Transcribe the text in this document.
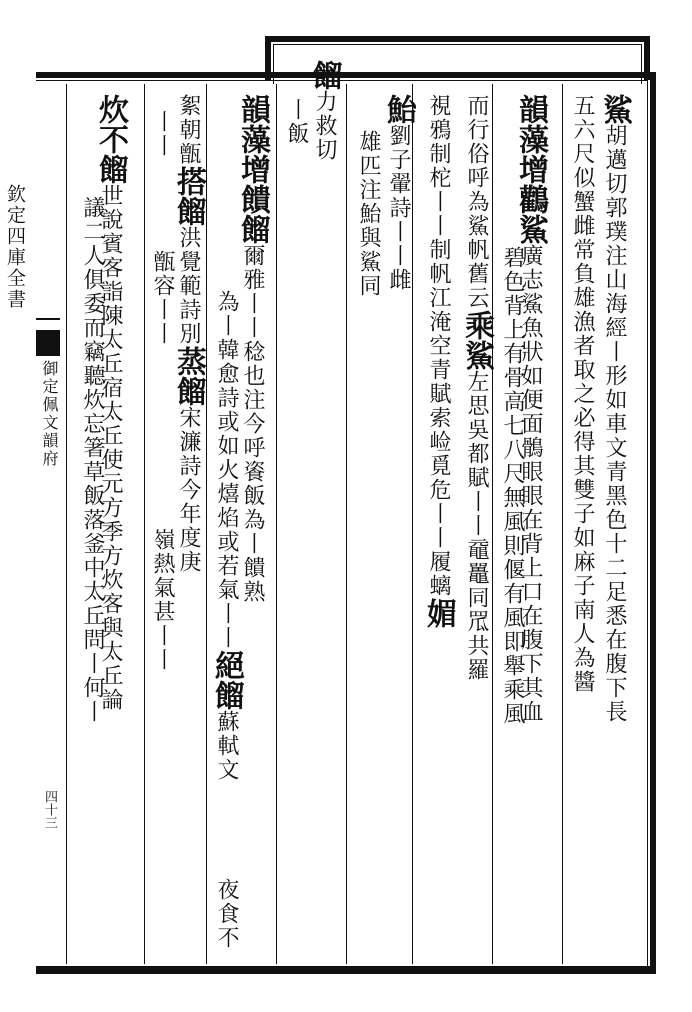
欽定四庫全書
御定佩文韻府
四十三
鯊胡邁切郭璞注山海經丨形如車文青黑色十二足悉在腹下長
五六尺似蟹雌常負雄漁者取之必得其雙子如麻子南人為醬
韻藻增鸛鯊廣志鯊魚狀如便面鶻眼眼在背上口在腹下其血
碧色背上有骨高七八尺無風則偃有風即舉乘風
而行俗呼為鯊帆舊云乘鯊左思吳都賦丨丨黿鼉同罛共羅
視鴉制柁丨丨制帆江淹空青賦索崄覓危丨丨履螭媚
鮐劉子翬詩丨丨雌
雄匹注鮐與鯊同
餾力救切
丨飯
韻藻增饋餾爾雅丨丨稔也注今呼餈飯為丨饋熟
為丨韓愈詩或如火熺焰或若氣丨丨絕餾蘇軾文
夜食不
絮朝甑搭餾洪覺範詩別蒸餾宋濂詩今年度庚
丨丨
甑容丨丨
嶺熱氣甚丨丨
炊不餾世說賓客詣陳太丘宿太丘使元方季方炊客與太丘論
議二人俱委而竊聽炊忘箸草飯落釜中太丘問丨何丨
